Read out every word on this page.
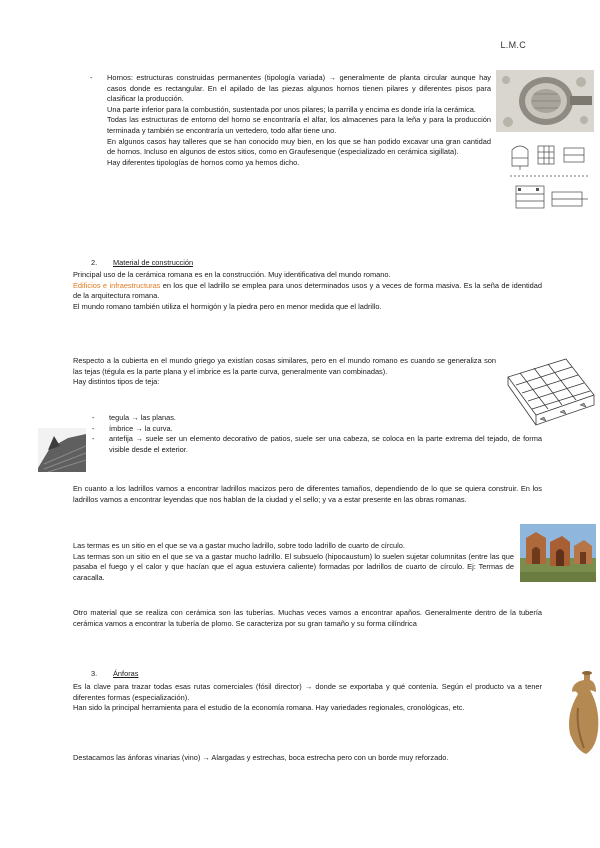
L.M.C
- Hornos: estructuras construidas permanentes (tipología variada) → generalmente de planta circular aunque hay casos donde es rectangular. En el apilado de las piezas algunos hornos tienen pilares y diferentes pisos para clasificar la producción.

Una parte inferior para la combustión, sustentada por unos pilares; la parrilla y encima es donde iría la cerámica.

Todas las estructuras de entorno del horno se encontraría el alfar, los almacenes para la leña y para la producción terminada y también se encontraría un vertedero, todo alfar tiene uno.

En algunos casos hay talleres que se han conocido muy bien, en los que se han podido excavar una gran cantidad de hornos. Incluso en algunos de estos sitios, como en Graufesenque (especializado en cerámica sigillata).

Hay diferentes tipologías de hornos como ya hemos dicho.

2. Material de construcción

Principal uso de la cerámica romana es en la construcción. Muy identificativa del mundo romano.

Edificios e infraestructuras en los que el ladrillo se emplea para unos determinados usos y a veces de forma masiva. Es la seña de identidad de la arquitectura romana.

El mundo romano también utiliza el hormigón y la piedra pero en menor medida que el ladrillo.

Respecto a la cubierta en el mundo griego ya existían cosas similares, pero en el mundo romano es cuando se generaliza son las tejas (tégula es la parte plana y el imbrice es la parte curva, generalmente van combinadas).

Hay distintos tipos de teja:

- tegula → las planas.

- ímbrice → la curva.

- antefija → suele ser un elemento decorativo de patios, suele ser una cabeza, se coloca en la parte extrema del tejado, de forma visible desde el exterior.

En cuanto a los ladrillos vamos a encontrar ladrillos macizos pero de diferentes tamaños, dependiendo de lo que se quiera construir. En los ladrillos vamos a encontrar leyendas que nos hablan de la ciudad y el sello; y va a estar presente en las obras romanas.

Las termas es un sitio en el que se va a gastar mucho ladrillo, sobre todo ladrillo de cuarto de círculo.

Las termas son un sitio en el que se va a gastar mucho ladrillo. El subsuelo (hipocaustum) lo suelen sujetar columnitas (entre las que pasaba el fuego y el calor y que hacían que el agua estuviera caliente) formadas por ladrillos de cuarto de círculo. Ej: Termas de caracalla.

Otro material que se realiza con cerámica son las tuberías. Muchas veces vamos a encontrar apaños. Generalmente dentro de la tubería cerámica vamos a encontrar la tubería de plomo. Se caracteriza por su gran tamaño y su forma cilíndrica

3. Ánforas

Es la clave para trazar todas esas rutas comerciales (fósil director) → donde se exportaba y qué contenía. Según el producto va a tener diferentes formas (especialización).

Han sido la principal herramienta para el estudio de la economía romana. Hay variedades regionales, cronológicas, etc.

Destacamos las ánforas vinarias (vino) → Alargadas y estrechas, boca estrecha pero con un borde muy reforzado.
